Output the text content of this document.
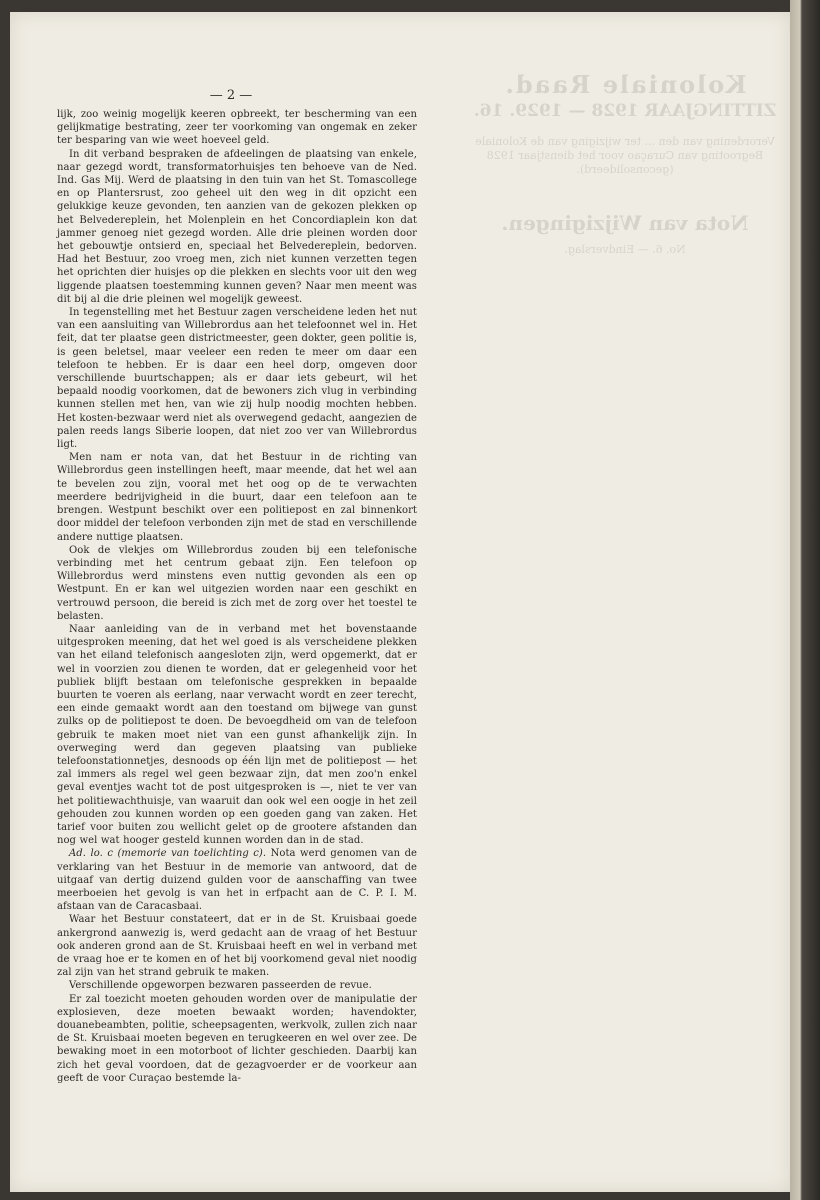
Koloniale Raad.
ZITTINGJAAR 1928 — 1929. 16.
Verordening van den ... ter wijziging van de Koloniale Begrooting van Curaçao voor het dienstjaar 1928 (geconsolideerd).
Nota van Wijzigingen.
No. 6. — Eindverslag.
— 2 —

lijk, zoo weinig mogelijk keeren opbreekt, ter bescherming van een gelijkmatige bestrating, zeer ter voorkoming van ongemak en zeker ter besparing van wie weet hoeveel geld.

In dit verband bespraken de afdeelingen de plaatsing van enkele, naar gezegd wordt, transformatorhuisjes ten behoeve van de Ned. Ind. Gas Mij. Werd de plaatsing in den tuin van het St. Tomascollege en op Plantersrust, zoo geheel uit den weg in dit opzicht een gelukkige keuze gevonden, ten aanzien van de gekozen plekken op het Belvedereplein, het Molenplein en het Concordiaplein kon dat jammer genoeg niet gezegd worden. Alle drie pleinen worden door het gebouwtje ontsierd en, speciaal het Belvedereplein, bedorven. Had het Bestuur, zoo vroeg men, zich niet kunnen verzetten tegen het oprichten dier huisjes op die plekken en slechts voor uit den weg liggende plaatsen toestemming kunnen geven? Naar men meent was dit bij al die drie pleinen wel mogelijk geweest.

In tegenstelling met het Bestuur zagen verscheidene leden het nut van een aansluiting van Willebrordus aan het telefoonnet wel in. Het feit, dat ter plaatse geen districtmeester, geen dokter, geen politie is, is geen beletsel, maar veeleer een reden te meer om daar een telefoon te hebben. Er is daar een heel dorp, omgeven door verschillende buurtschappen; als er daar iets gebeurt, wil het bepaald noodig voorkomen, dat de bewoners zich vlug in verbinding kunnen stellen met hen, van wie zij hulp noodig mochten hebben. Het kosten-bezwaar werd niet als overwegend gedacht, aangezien de palen reeds langs Siberie loopen, dat niet zoo ver van Willebrordus ligt.

Men nam er nota van, dat het Bestuur in de richting van Willebrordus geen instellingen heeft, maar meende, dat het wel aan te bevelen zou zijn, vooral met het oog op de te verwachten meerdere bedrijvigheid in die buurt, daar een telefoon aan te brengen. Westpunt beschikt over een politiepost en zal binnenkort door middel der telefoon verbonden zijn met de stad en verschillende andere nuttige plaatsen.

Ook de vlekjes om Willebrordus zouden bij een telefonische verbinding met het centrum gebaat zijn. Een telefoon op Willebrordus werd minstens even nuttig gevonden als een op Westpunt. En er kan wel uitgezien worden naar een geschikt en vertrouwd persoon, die bereid is zich met de zorg over het toestel te belasten.

Naar aanleiding van de in verband met het bovenstaande uitgesproken meening, dat het wel goed is als verscheidene plekken van het eiland telefonisch aangesloten zijn, werd opgemerkt, dat er wel in voorzien zou dienen te worden, dat er gelegenheid voor het publiek blijft bestaan om telefonische gesprekken in bepaalde buurten te voeren als eerlang, naar verwacht wordt en zeer terecht, een einde gemaakt wordt aan den toestand om bijwege van gunst zulks op de politiepost te doen. De bevoegdheid om van de telefoon gebruik te maken moet niet van een gunst afhankelijk zijn. In overweging werd dan gegeven plaatsing van publieke telefoonstationnetjes, desnoods op één lijn met de politiepost — het zal immers als regel wel geen bezwaar zijn, dat men zoo'n enkel geval eventjes wacht tot de post uitgesproken is —, niet te ver van het politiewachthuisje, van waaruit dan ook wel een oogje in het zeil gehouden zou kunnen worden op een goeden gang van zaken. Het tarief voor buiten zou wellicht gelet op de grootere afstanden dan nog wel wat hooger gesteld kunnen worden dan in de stad.

Ad. lo. c (memorie van toelichting c). Nota werd genomen van de verklaring van het Bestuur in de memorie van antwoord, dat de uitgaaf van dertig duizend gulden voor de aanschaffing van twee meerboeien het gevolg is van het in erfpacht aan de C. P. I. M. afstaan van de Caracasbaai.

Waar het Bestuur constateert, dat er in de St. Kruisbaai goede ankergrond aanwezig is, werd gedacht aan de vraag of het Bestuur ook anderen grond aan de St. Kruisbaai heeft en wel in verband met de vraag hoe er te komen en of het bij voorkomend geval niet noodig zal zijn van het strand gebruik te maken.

Verschillende opgeworpen bezwaren passeerden de revue.

Er zal toezicht moeten gehouden worden over de manipulatie der explosieven, deze moeten bewaakt worden; havendokter, douanebeambten, politie, scheepsagenten, werkvolk, zullen zich naar de St. Kruisbaai moeten begeven en terugkeeren en wel over zee. De bewaking moet in een motorboot of lichter geschieden. Daarbij kan zich het geval voordoen, dat de gezagvoerder er de voorkeur aan geeft de voor Curaçao bestemde la-
